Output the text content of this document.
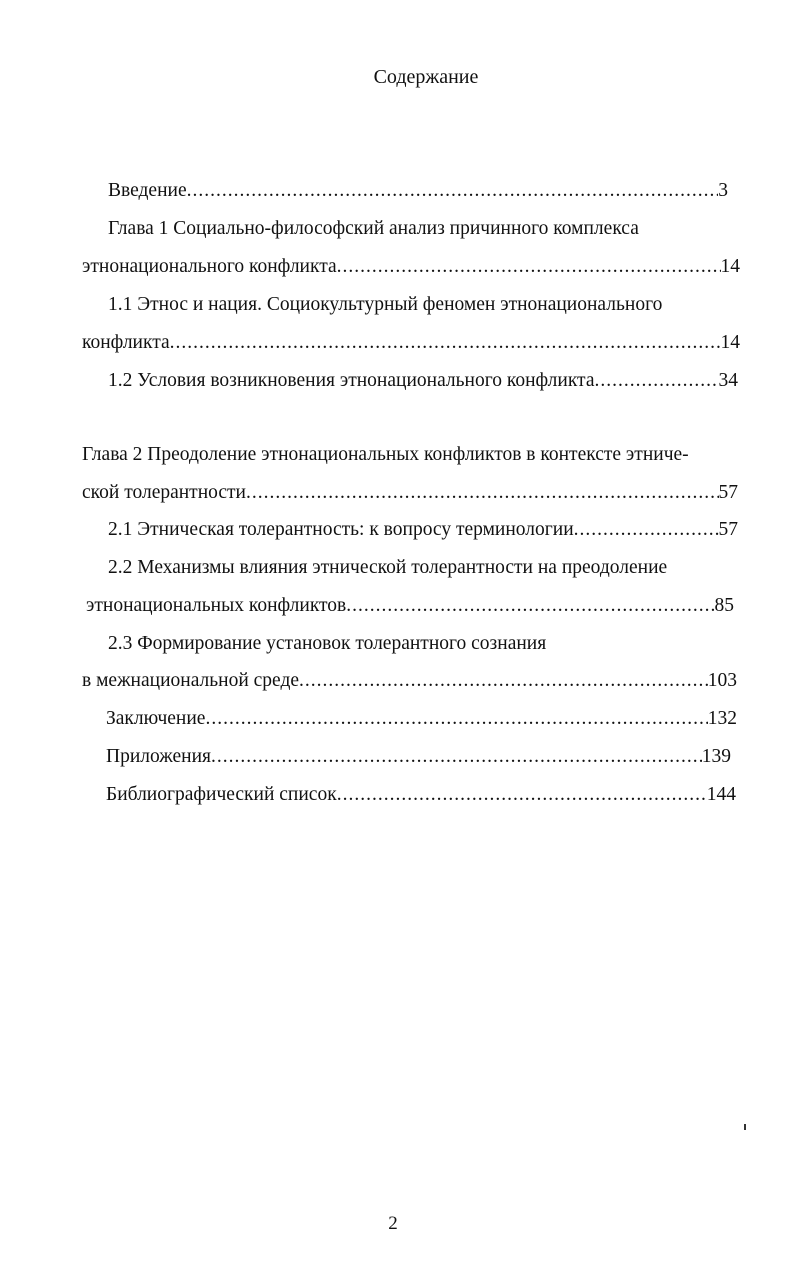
Содержание
Введение .....	3
Глава 1 Социально-философский анализ причинного комплекса
этнонационального конфликта .....	14
1.1 Этнос и нация. Социокультурный феномен этнонационального
конфликта .....	14
1.2 Условия возникновения этнонационального конфликта .....	34
Глава 2 Преодоление этнонациональных конфликтов в контексте этниче-
ской толерантности .....	57
2.1 Этническая толерантность: к вопросу терминологии .....	57
2.2 Механизмы влияния этнической толерантности на преодоление
этнонациональных конфликтов .....	85
2.3 Формирование установок толерантного сознания
в межнациональной среде .....	103
Заключение .....	132
Приложения .....	139
Библиографический список .....	144
2
